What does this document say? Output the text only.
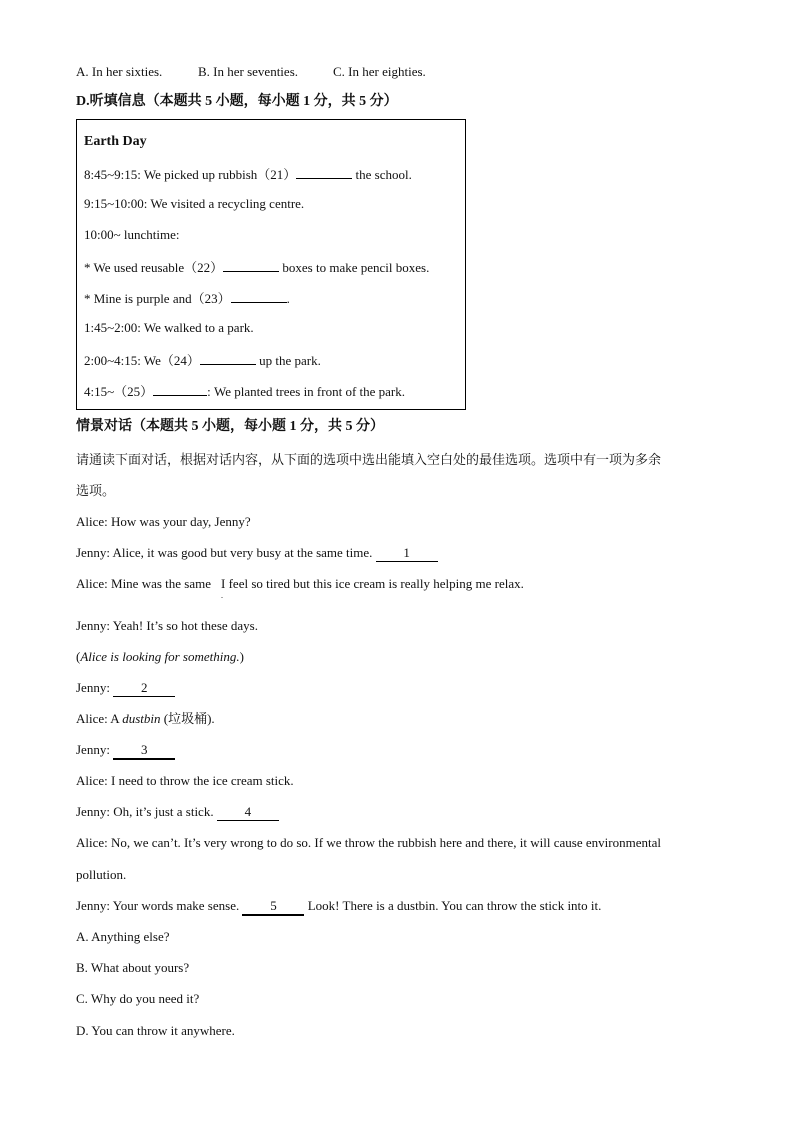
A. In her sixties.	B. In her seventies.	C. In her eighties.
D.听填信息（本题共 5 小题，每小题 1 分，共 5 分）
Earth Day
8:45~9:15: We picked up rubbish（21）	the school.
9:15~10:00: We visited a recycling centre.
10:00~ lunchtime:
* We used reusable（22）	boxes to make pencil boxes.
* Mine is purple and（23）	.
1:45~2:00: We walked to a park.
2:00~4:15: We（24）	up the park.
4:15~（25）	: We planted trees in front of the park.
情景对话（本题共 5 小题，每小题 1 分，共 5 分）
请通读下面对话，根据对话内容，从下面的选项中选出能填入空白处的最佳选项。选项中有一项为多余
选项。
Alice: How was your day, Jenny?
Jenny: Alice, it was good but very busy at the same time. 1
Alice: Mine was the same I feel so tired but this ice cream is really helping me relax.
.
Jenny: Yeah! It’s so hot these days.
(Alice is looking for something.)
Jenny: 2
Alice: A dustbin (垃圾桶).
Jenny: 3
Alice: I need to throw the ice cream stick.
Jenny: Oh, it’s just a stick. 4
Alice: No, we can’t. It’s very wrong to do so. If we throw the rubbish here and there, it will cause environmental
pollution.
Jenny: Your words make sense. 5 Look! There is a dustbin. You can throw the stick into it.
A. Anything else?
B. What about yours?
C. Why do you need it?
D. You can throw it anywhere.
